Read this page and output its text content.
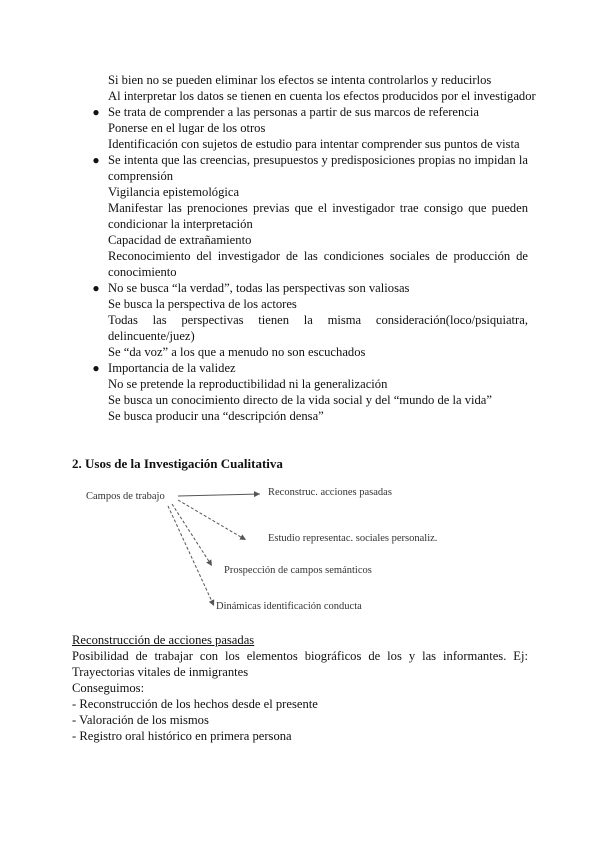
Si bien no se pueden eliminar los efectos se intenta controlarlos y reducirlos
Al interpretar los datos se tienen en cuenta los efectos producidos por el investigador
● Se trata de comprender a las personas a partir de sus marcos de referencia
Ponerse en el lugar de los otros
Identificación con sujetos de estudio para intentar comprender sus puntos de vista
● Se intenta que las creencias, presupuestos y predisposiciones propias no impidan la
comprensión
Vigilancia epistemológica
Manifestar las prenociones previas que el investigador trae consigo que pueden
condicionar la interpretación
Capacidad de extrañamiento
Reconocimiento del investigador de las condiciones sociales de producción de
conocimiento
● No se busca “la verdad”, todas las perspectivas son valiosas
Se busca la perspectiva de los actores
Todas las perspectivas tienen la misma consideración(loco/psiquiatra,
delincuente/juez)
Se “da voz” a los que a menudo no son escuchados
● Importancia de la validez
No se pretende la reproductibilidad ni la generalización
Se busca un conocimiento directo de la vida social y del “mundo de la vida”
Se busca producir una “descripción densa”
2. Usos de la Investigación Cualitativa
Campos de trabajo	Reconstruc. acciones pasadas
Estudio representac. sociales personaliz.
Prospección de campos semánticos
Dinámicas identificación conducta
Reconstrucción de acciones pasadas
Posibilidad de trabajar con los elementos biográficos de los y las informantes. Ej:
Trayectorias vitales de inmigrantes
Conseguimos:
- Reconstrucción de los hechos desde el presente
- Valoración de los mismos
- Registro oral histórico en primera persona
